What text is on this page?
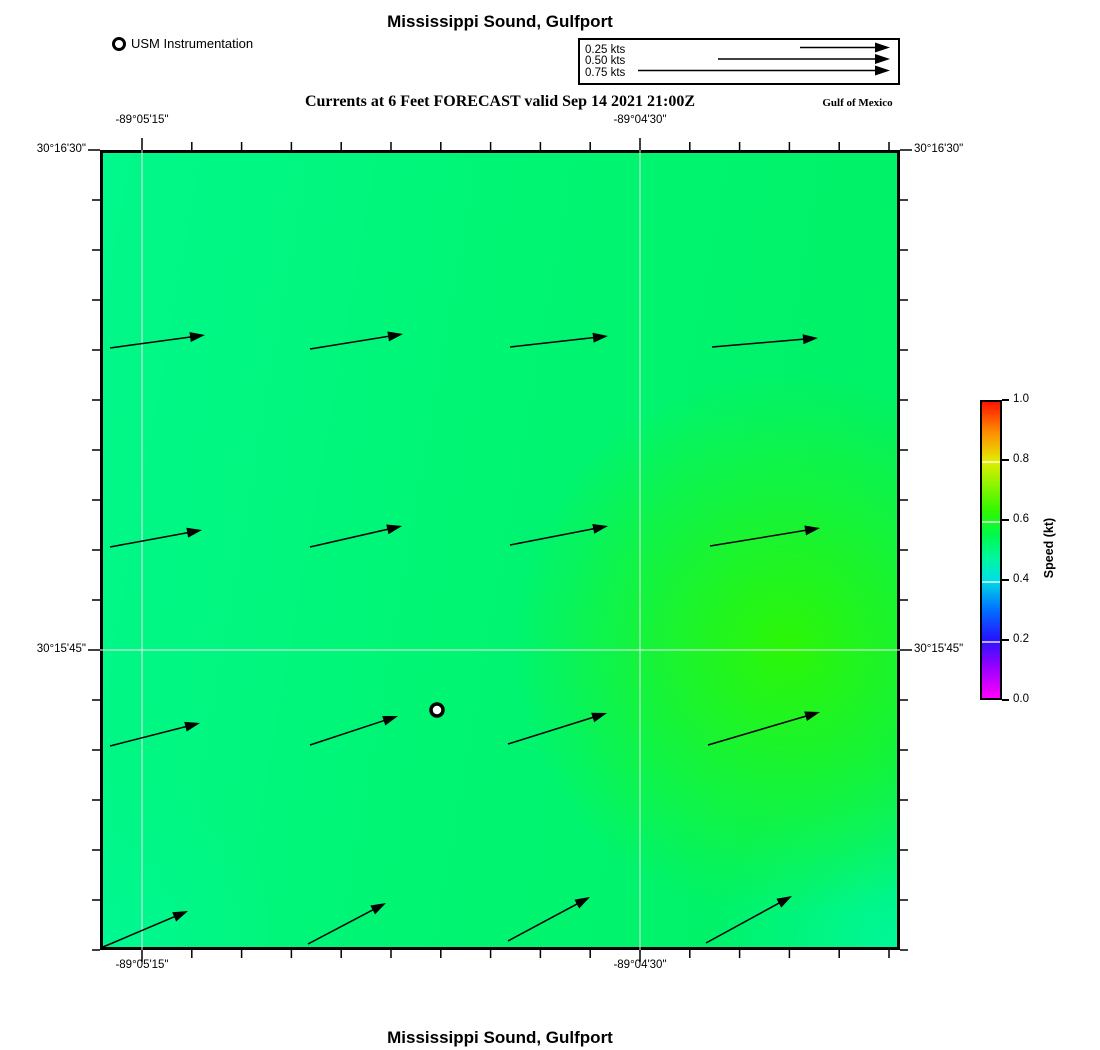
Mississippi Sound, Gulfport
USM Instrumentation	0.25 kts
0.50 kts
0.75 kts
Currents at 6 Feet FORECAST valid Sep 14 2021 21:00Z	Gulf of Mexico
-89°05'15"
-89°05'15"
-89°04'30"
-89°04'30"
30°16'30"	30°16'30"
30°15'45"	30°15'45"
0.0
0.2
0.4
0.6
0.8
1.0
Speed (kt)
Mississippi Sound, Gulfport
